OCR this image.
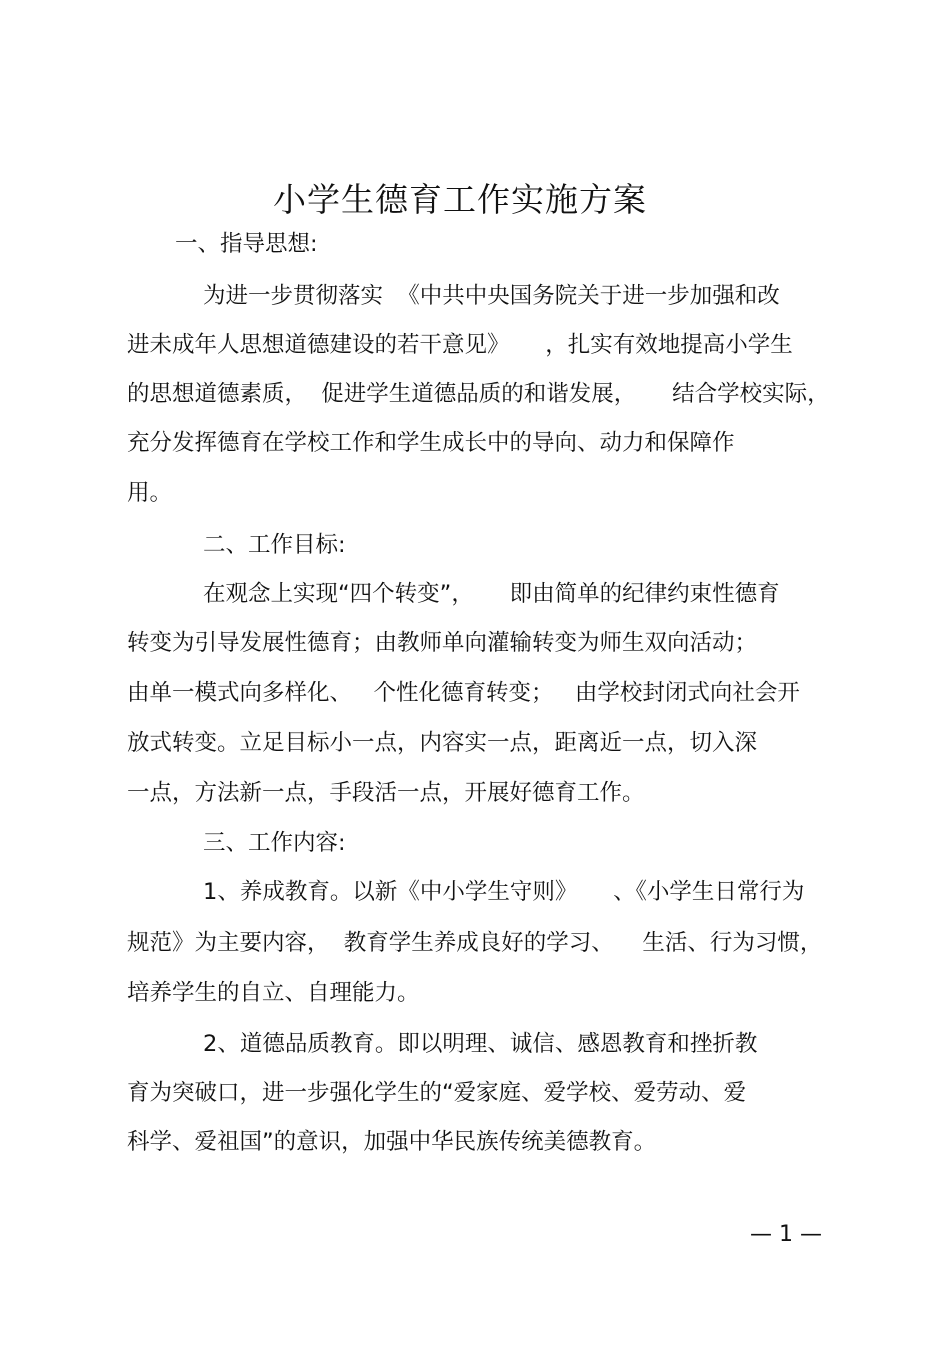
小学生德育工作实施方案
一、指导思想:
为进一步贯彻落实  《中共中央国务院关于进一步加强和改
进未成年人思想道德建设的若干意见》     ，扎实有效地提高小学生
的思想道德素质，  促进学生道德品质的和谐发展，     结合学校实际，
充分发挥德育在学校工作和学生成长中的导向、动力和保障作
用。
二、工作目标:
在观念上实现“四个转变”，     即由简单的纪律约束性德育
转变为引导发展性德育；由教师单向灌输转变为师生双向活动；
由单一模式向多样化、   个性化德育转变；   由学校封闭式向社会开
放式转变。立足目标小一点，内容实一点，距离近一点，切入深
一点，方法新一点，手段活一点，开展好德育工作。
三、工作内容:
1、养成教育。以新《中小学生守则》     、《小学生日常行为
规范》为主要内容，  教育学生养成良好的学习、    生活、行为习惯，
培养学生的自立、自理能力。
2、道德品质教育。即以明理、诚信、感恩教育和挫折教
育为突破口，进一步强化学生的“爱家庭、爱学校、爱劳动、爱
科学、爱祖国”的意识，加强中华民族传统美德教育。
— 1 —
